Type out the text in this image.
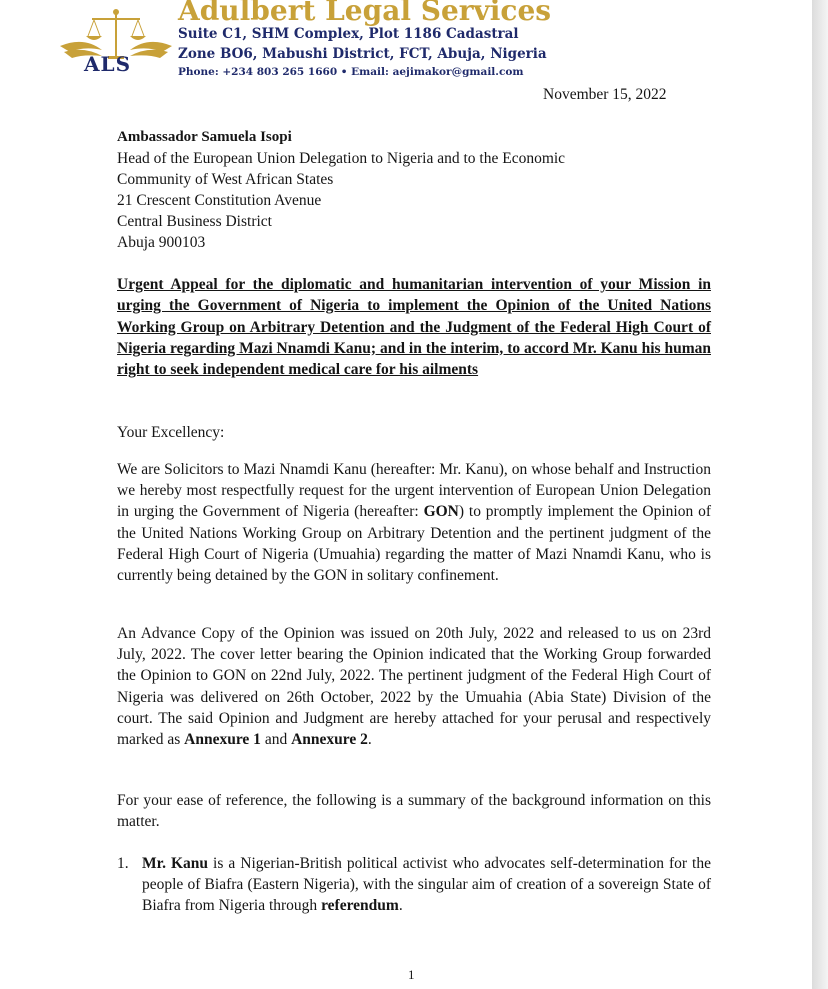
ALS
Adulbert Legal Services
Suite C1, SHM Complex, Plot 1186 Cadastral
Zone BO6, Mabushi District, FCT, Abuja, Nigeria
Phone: +234 803 265 1660 • Email: aejimakor@gmail.com
November 15, 2022
Ambassador Samuela Isopi
Head of the European Union Delegation to Nigeria and to the Economic
Community of West African States
21 Crescent Constitution Avenue
Central Business District
Abuja 900103
Urgent Appeal for the diplomatic and humanitarian intervention of your Mission in urging the Government of Nigeria to implement the Opinion of the United Nations Working Group on Arbitrary Detention and the Judgment of the Federal High Court of Nigeria regarding Mazi Nnamdi Kanu; and in the interim, to accord Mr. Kanu his human right to seek independent medical care for his ailments
Your Excellency:

We are Solicitors to Mazi Nnamdi Kanu (hereafter: Mr. Kanu), on whose behalf and Instruction we hereby most respectfully request for the urgent intervention of European Union Delegation in urging the Government of Nigeria (hereafter: GON) to promptly implement the Opinion of the United Nations Working Group on Arbitrary Detention and the pertinent judgment of the Federal High Court of Nigeria (Umuahia) regarding the matter of Mazi Nnamdi Kanu, who is currently being detained by the GON in solitary confinement.

An Advance Copy of the Opinion was issued on 20th July, 2022 and released to us on 23rd July, 2022. The cover letter bearing the Opinion indicated that the Working Group forwarded the Opinion to GON on 22nd July, 2022. The pertinent judgment of the Federal High Court of Nigeria was delivered on 26th October, 2022 by the Umuahia (Abia State) Division of the court. The said Opinion and Judgment are hereby attached for your perusal and respectively marked as Annexure 1 and Annexure 2.

For your ease of reference, the following is a summary of the background information on this matter.

1. Mr. Kanu is a Nigerian-British political activist who advocates self-determination for the people of Biafra (Eastern Nigeria), with the singular aim of creation of a sovereign State of Biafra from Nigeria through referendum.
1
